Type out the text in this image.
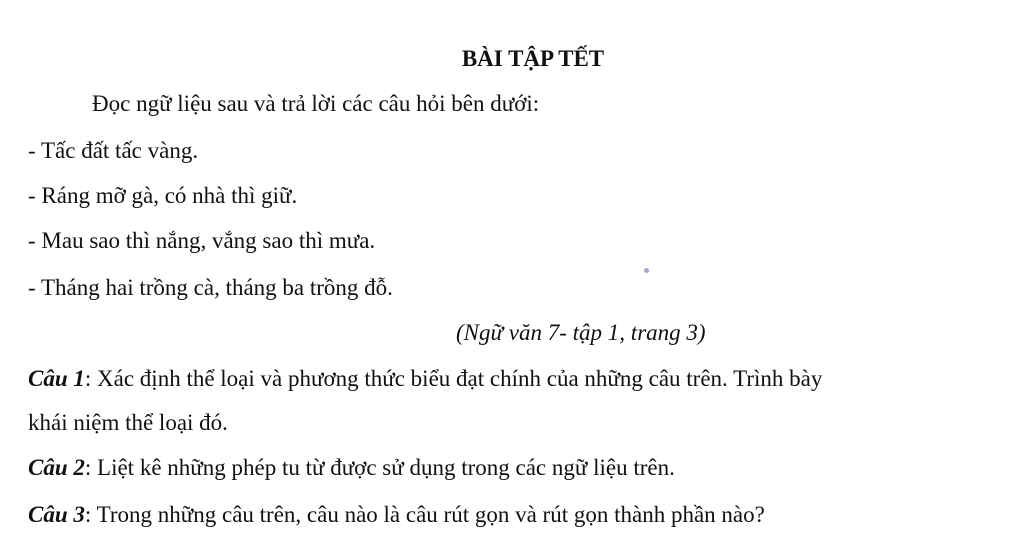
BÀI TẬP TẾT
Đọc ngữ liệu sau và trả lời các câu hỏi bên dưới:
- Tấc đất tấc vàng.
- Ráng mỡ gà, có nhà thì giữ.
- Mau sao thì nắng, vắng sao thì mưa.
- Tháng hai trồng cà, tháng ba trồng đỗ.
(Ngữ văn 7- tập 1, trang 3)
Câu 1: Xác định thể loại và phương thức biểu đạt chính của những câu trên. Trình bày
khái niệm thể loại đó.
Câu 2: Liệt kê những phép tu từ được sử dụng trong các ngữ liệu trên.
Câu 3: Trong những câu trên, câu nào là câu rút gọn và rút gọn thành phần nào?
